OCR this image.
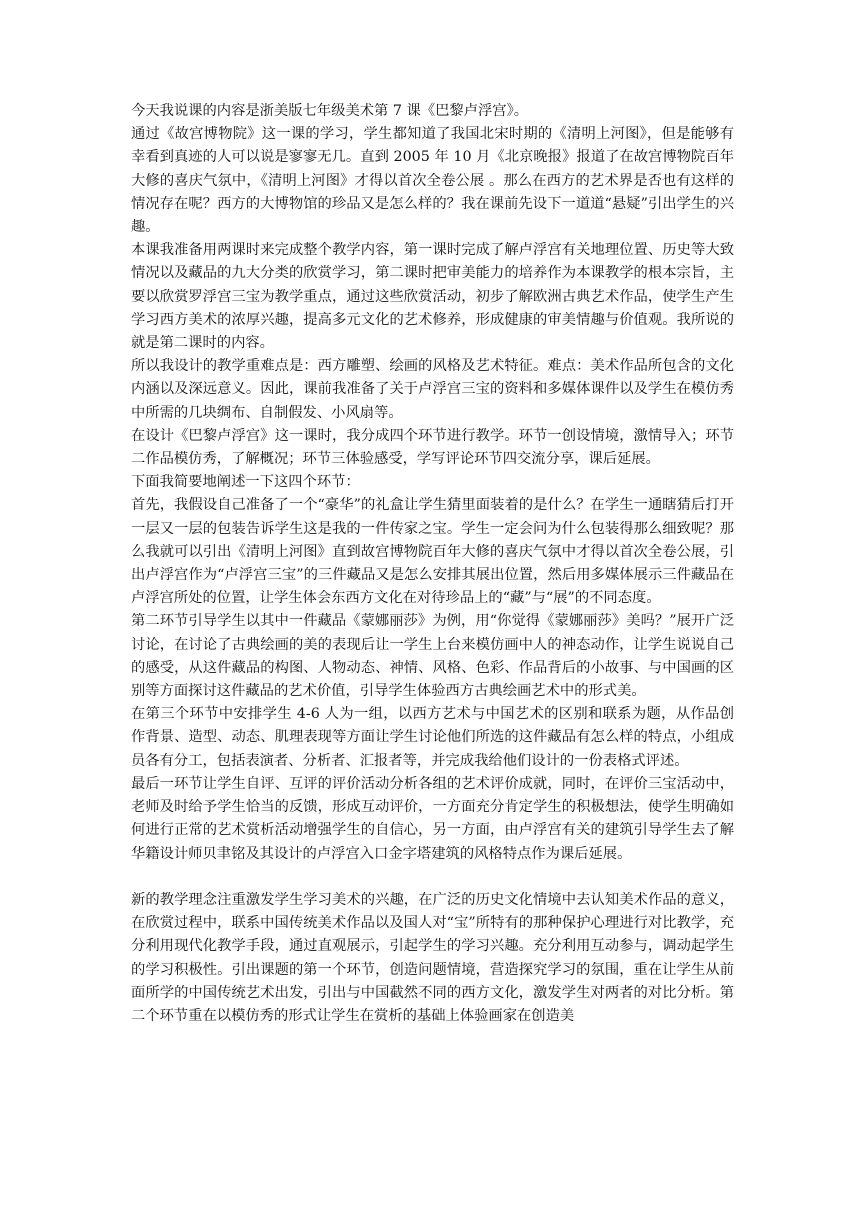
今天我说课的内容是浙美版七年级美术第 7 课《巴黎卢浮宫》。

通过《故宫博物院》这一课的学习，学生都知道了我国北宋时期的《清明上河图》，但是能够有幸看到真迹的人可以说是寥寥无几。直到 2005 年 10 月《北京晚报》报道了在故宫博物院百年大修的喜庆气氛中，《清明上河图》才得以首次全卷公展 。那么在西方的艺术界是否也有这样的情况存在呢？西方的大博物馆的珍品又是怎么样的？我在课前先设下一道道“悬疑”引出学生的兴趣。

本课我准备用两课时来完成整个教学内容，第一课时完成了解卢浮宫有关地理位置、历史等大致情况以及藏品的九大分类的欣赏学习，第二课时把审美能力的培养作为本课教学的根本宗旨，主要以欣赏罗浮宫三宝为教学重点，通过这些欣赏活动，初步了解欧洲古典艺术作品，使学生产生学习西方美术的浓厚兴趣，提高多元文化的艺术修养，形成健康的审美情趣与价值观。我所说的就是第二课时的内容。

所以我设计的教学重难点是：西方雕塑、绘画的风格及艺术特征。难点：美术作品所包含的文化内涵以及深远意义。因此，课前我准备了关于卢浮宫三宝的资料和多媒体课件以及学生在模仿秀中所需的几块绸布、自制假发、小风扇等。

在设计《巴黎卢浮宫》这一课时，我分成四个环节进行教学。环节一创设情境，激情导入；环节二作品模仿秀，了解概况；环节三体验感受，学写评论环节四交流分享，课后延展。

下面我简要地阐述一下这四个环节：

首先，我假设自己准备了一个“豪华”的礼盒让学生猜里面装着的是什么？在学生一通瞎猜后打开一层又一层的包装告诉学生这是我的一件传家之宝。学生一定会问为什么包装得那么细致呢？那么我就可以引出《清明上河图》直到故宫博物院百年大修的喜庆气氛中才得以首次全卷公展，引出卢浮宫作为“卢浮宫三宝”的三件藏品又是怎么安排其展出位置，然后用多媒体展示三件藏品在卢浮宫所处的位置，让学生体会东西方文化在对待珍品上的“藏”与“展”的不同态度。

第二环节引导学生以其中一件藏品《蒙娜丽莎》为例，用“你觉得《蒙娜丽莎》美吗？”展开广泛讨论，在讨论了古典绘画的美的表现后让一学生上台来模仿画中人的神态动作，让学生说说自己的感受，从这件藏品的构图、人物动态、神情、风格、色彩、作品背后的小故事、与中国画的区别等方面探讨这件藏品的艺术价值，引导学生体验西方古典绘画艺术中的形式美。

在第三个环节中安排学生 4-6 人为一组，以西方艺术与中国艺术的区别和联系为题，从作品创作背景、造型、动态、肌理表现等方面让学生讨论他们所选的这件藏品有怎么样的特点，小组成员各有分工，包括表演者、分析者、汇报者等，并完成我给他们设计的一份表格式评述。

最后一环节让学生自评、互评的评价活动分析各组的艺术评价成就，同时，在评价三宝活动中，老师及时给予学生恰当的反馈，形成互动评价，一方面充分肯定学生的积极想法，使学生明确如何进行正常的艺术赏析活动增强学生的自信心，另一方面，由卢浮宫有关的建筑引导学生去了解华籍设计师贝聿铭及其设计的卢浮宫入口金字塔建筑的风格特点作为课后延展。

新的教学理念注重激发学生学习美术的兴趣，在广泛的历史文化情境中去认知美术作品的意义，在欣赏过程中，联系中国传统美术作品以及国人对“宝”所特有的那种保护心理进行对比教学，充分利用现代化教学手段，通过直观展示，引起学生的学习兴趣。充分利用互动参与，调动起学生的学习积极性。引出课题的第一个环节，创造问题情境，营造探究学习的氛围，重在让学生从前面所学的中国传统艺术出发，引出与中国截然不同的西方文化，激发学生对两者的对比分析。第二个环节重在以模仿秀的形式让学生在赏析的基础上体验画家在创造美
